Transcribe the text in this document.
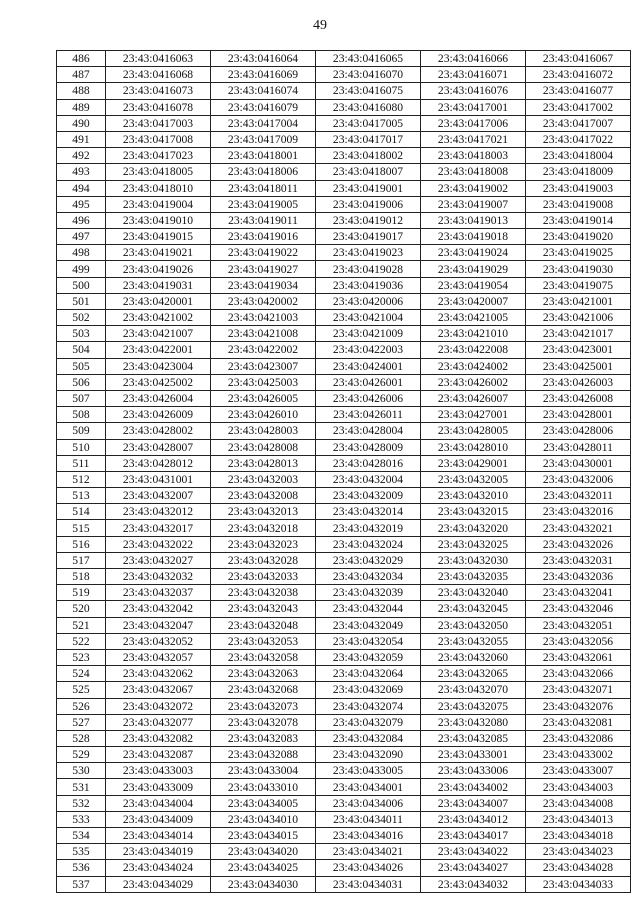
49
486	23:43:0416063	23:43:0416064	23:43:0416065	23:43:0416066	23:43:0416067
487	23:43:0416068	23:43:0416069	23:43:0416070	23:43:0416071	23:43:0416072
488	23:43:0416073	23:43:0416074	23:43:0416075	23:43:0416076	23:43:0416077
489	23:43:0416078	23:43:0416079	23:43:0416080	23:43:0417001	23:43:0417002
490	23:43:0417003	23:43:0417004	23:43:0417005	23:43:0417006	23:43:0417007
491	23:43:0417008	23:43:0417009	23:43:0417017	23:43:0417021	23:43:0417022
492	23:43:0417023	23:43:0418001	23:43:0418002	23:43:0418003	23:43:0418004
493	23:43:0418005	23:43:0418006	23:43:0418007	23:43:0418008	23:43:0418009
494	23:43:0418010	23:43:0418011	23:43:0419001	23:43:0419002	23:43:0419003
495	23:43:0419004	23:43:0419005	23:43:0419006	23:43:0419007	23:43:0419008
496	23:43:0419010	23:43:0419011	23:43:0419012	23:43:0419013	23:43:0419014
497	23:43:0419015	23:43:0419016	23:43:0419017	23:43:0419018	23:43:0419020
498	23:43:0419021	23:43:0419022	23:43:0419023	23:43:0419024	23:43:0419025
499	23:43:0419026	23:43:0419027	23:43:0419028	23:43:0419029	23:43:0419030
500	23:43:0419031	23:43:0419034	23:43:0419036	23:43:0419054	23:43:0419075
501	23:43:0420001	23:43:0420002	23:43:0420006	23:43:0420007	23:43:0421001
502	23:43:0421002	23:43:0421003	23:43:0421004	23:43:0421005	23:43:0421006
503	23:43:0421007	23:43:0421008	23:43:0421009	23:43:0421010	23:43:0421017
504	23:43:0422001	23:43:0422002	23:43:0422003	23:43:0422008	23:43:0423001
505	23:43:0423004	23:43:0423007	23:43:0424001	23:43:0424002	23:43:0425001
506	23:43:0425002	23:43:0425003	23:43:0426001	23:43:0426002	23:43:0426003
507	23:43:0426004	23:43:0426005	23:43:0426006	23:43:0426007	23:43:0426008
508	23:43:0426009	23:43:0426010	23:43:0426011	23:43:0427001	23:43:0428001
509	23:43:0428002	23:43:0428003	23:43:0428004	23:43:0428005	23:43:0428006
510	23:43:0428007	23:43:0428008	23:43:0428009	23:43:0428010	23:43:0428011
511	23:43:0428012	23:43:0428013	23:43:0428016	23:43:0429001	23:43:0430001
512	23:43:0431001	23:43:0432003	23:43:0432004	23:43:0432005	23:43:0432006
513	23:43:0432007	23:43:0432008	23:43:0432009	23:43:0432010	23:43:0432011
514	23:43:0432012	23:43:0432013	23:43:0432014	23:43:0432015	23:43:0432016
515	23:43:0432017	23:43:0432018	23:43:0432019	23:43:0432020	23:43:0432021
516	23:43:0432022	23:43:0432023	23:43:0432024	23:43:0432025	23:43:0432026
517	23:43:0432027	23:43:0432028	23:43:0432029	23:43:0432030	23:43:0432031
518	23:43:0432032	23:43:0432033	23:43:0432034	23:43:0432035	23:43:0432036
519	23:43:0432037	23:43:0432038	23:43:0432039	23:43:0432040	23:43:0432041
520	23:43:0432042	23:43:0432043	23:43:0432044	23:43:0432045	23:43:0432046
521	23:43:0432047	23:43:0432048	23:43:0432049	23:43:0432050	23:43:0432051
522	23:43:0432052	23:43:0432053	23:43:0432054	23:43:0432055	23:43:0432056
523	23:43:0432057	23:43:0432058	23:43:0432059	23:43:0432060	23:43:0432061
524	23:43:0432062	23:43:0432063	23:43:0432064	23:43:0432065	23:43:0432066
525	23:43:0432067	23:43:0432068	23:43:0432069	23:43:0432070	23:43:0432071
526	23:43:0432072	23:43:0432073	23:43:0432074	23:43:0432075	23:43:0432076
527	23:43:0432077	23:43:0432078	23:43:0432079	23:43:0432080	23:43:0432081
528	23:43:0432082	23:43:0432083	23:43:0432084	23:43:0432085	23:43:0432086
529	23:43:0432087	23:43:0432088	23:43:0432090	23:43:0433001	23:43:0433002
530	23:43:0433003	23:43:0433004	23:43:0433005	23:43:0433006	23:43:0433007
531	23:43:0433009	23:43:0433010	23:43:0434001	23:43:0434002	23:43:0434003
532	23:43:0434004	23:43:0434005	23:43:0434006	23:43:0434007	23:43:0434008
533	23:43:0434009	23:43:0434010	23:43:0434011	23:43:0434012	23:43:0434013
534	23:43:0434014	23:43:0434015	23:43:0434016	23:43:0434017	23:43:0434018
535	23:43:0434019	23:43:0434020	23:43:0434021	23:43:0434022	23:43:0434023
536	23:43:0434024	23:43:0434025	23:43:0434026	23:43:0434027	23:43:0434028
537	23:43:0434029	23:43:0434030	23:43:0434031	23:43:0434032	23:43:0434033
